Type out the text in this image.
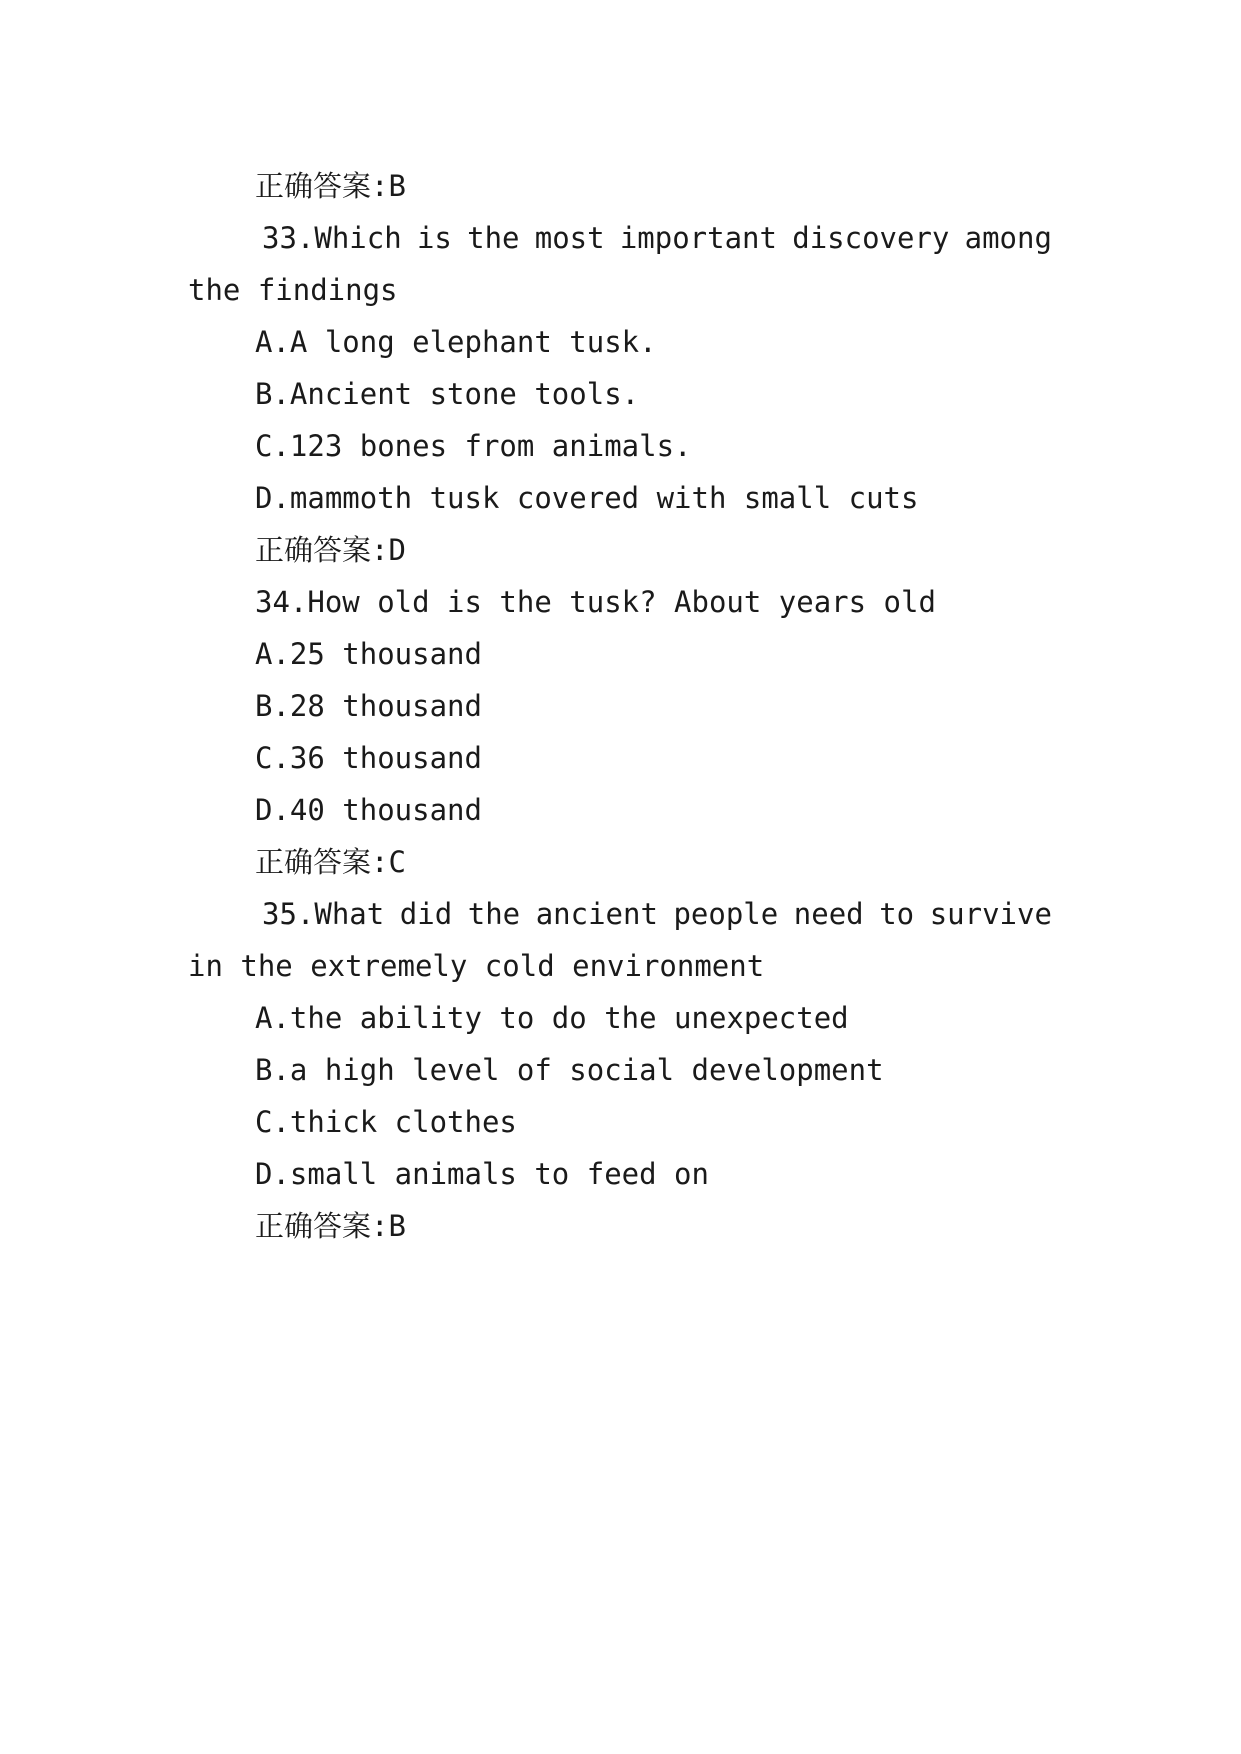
正确答案:B
33.Which is the most important discovery among
the findings
A.A long elephant tusk.
B.Ancient stone tools.
C.123 bones from animals.
D.mammoth tusk covered with small cuts
正确答案:D
34.How old is the tusk? About years old
A.25 thousand
B.28 thousand
C.36 thousand
D.40 thousand
正确答案:C
35.What did the ancient people need to survive
in the extremely cold environment
A.the ability to do the unexpected
B.a high level of social development
C.thick clothes
D.small animals to feed on
正确答案:B
